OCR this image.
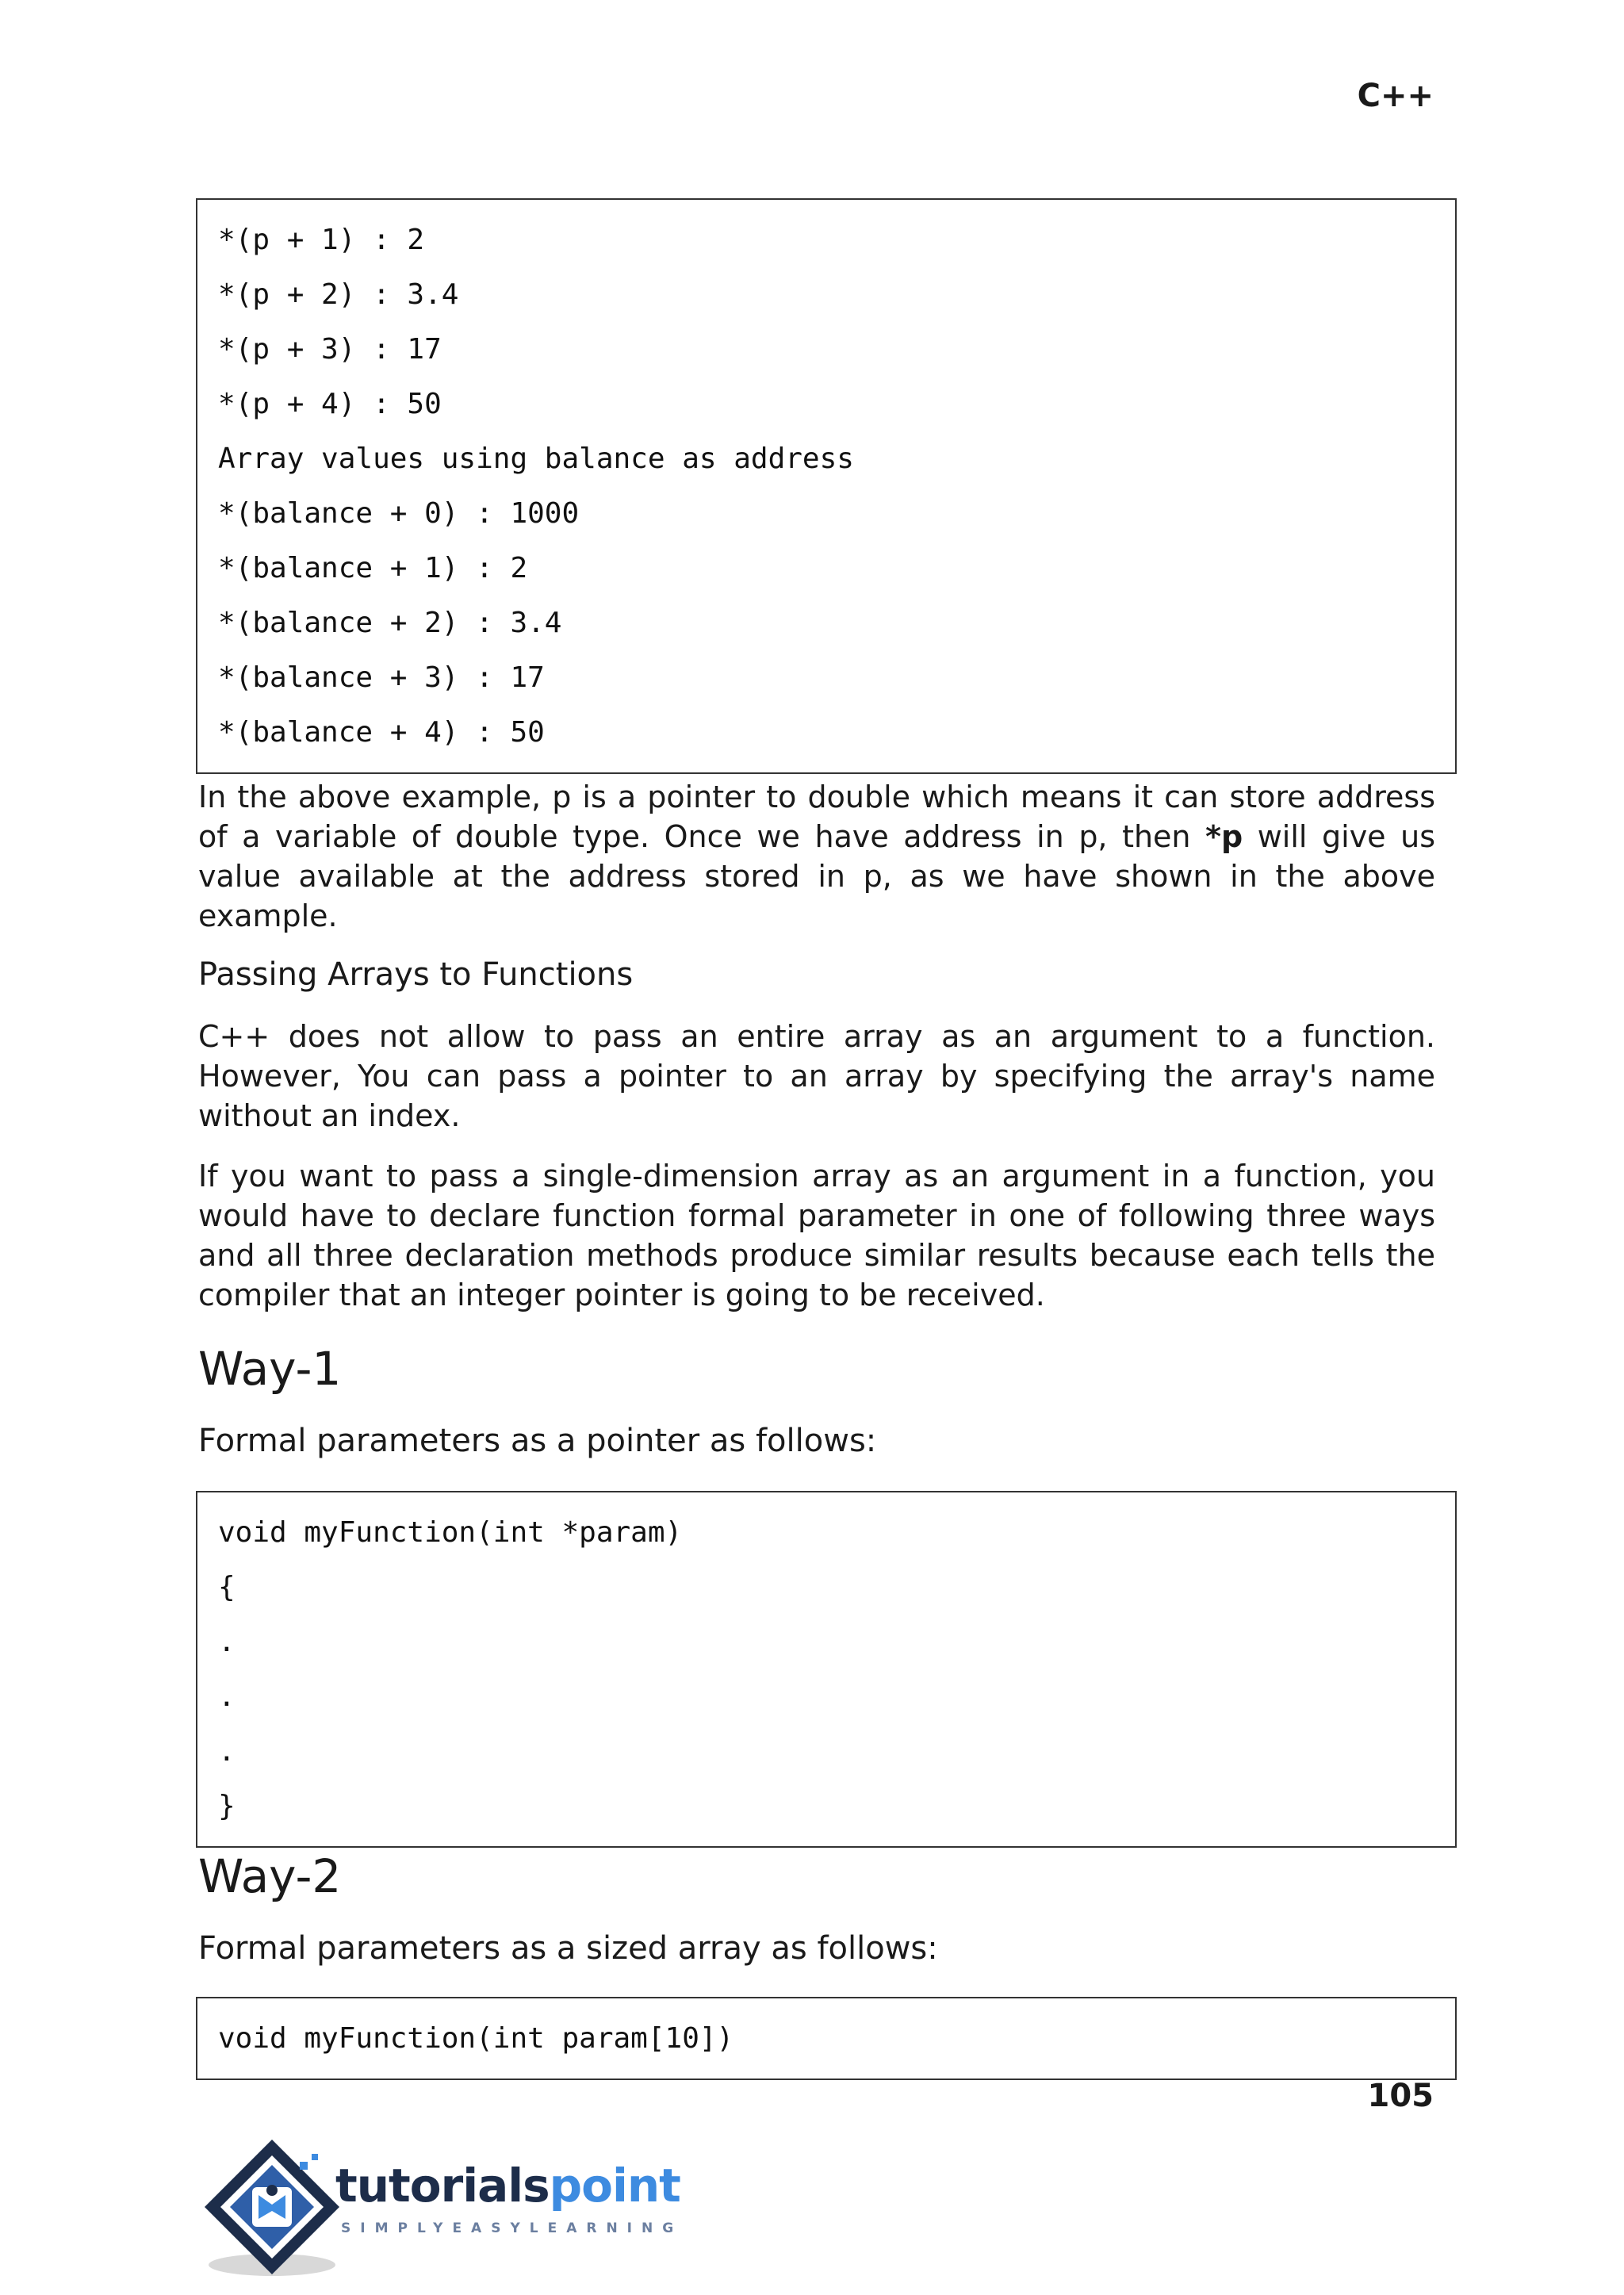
C++
*(p + 1) : 2
*(p + 2) : 3.4
*(p + 3) : 17
*(p + 4) : 50
Array values using balance as address
*(balance + 0) : 1000
*(balance + 1) : 2
*(balance + 2) : 3.4
*(balance + 3) : 17
*(balance + 4) : 50
In the above example, p is a pointer to double which means it can store address of a variable of double type. Once we have address in p, then *p will give us value available at the address stored in p, as we have shown in the above example.
Passing Arrays to Functions
C++ does not allow to pass an entire array as an argument to a function. However, You can pass a pointer to an array by specifying the array's name without an index.
If you want to pass a single-dimension array as an argument in a function, you would have to declare function formal parameter in one of following three ways and all three declaration methods produce similar results because each tells the compiler that an integer pointer is going to be received.
Way-1
Formal parameters as a pointer as follows:
void myFunction(int *param)
{
.
.
.
}
Way-2
Formal parameters as a sized array as follows:
void myFunction(int param[10])
105
tutorialspoint
SIMPLYEASYLEARNING
